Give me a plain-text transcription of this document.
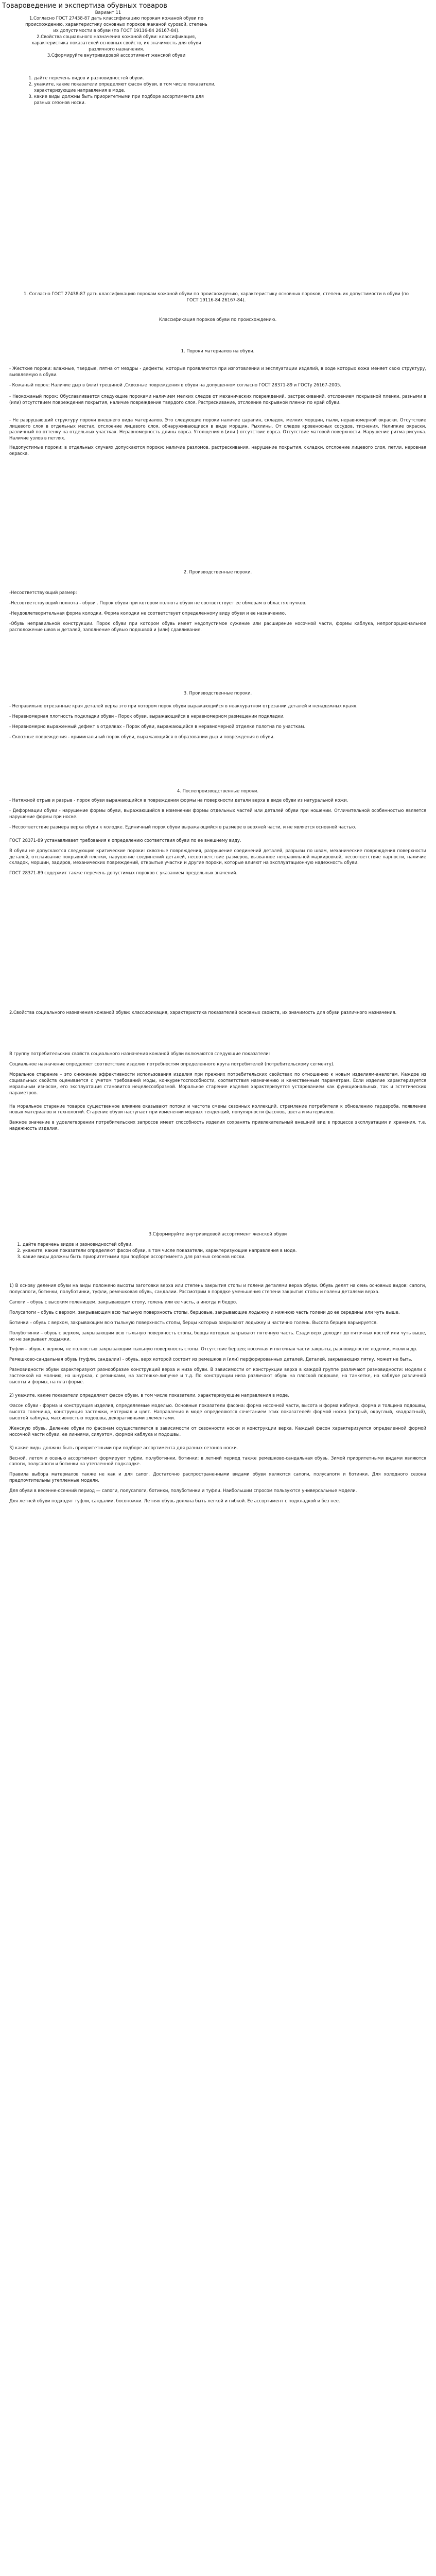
Товароведение и экспертиза обувных товаров
Вариант 11

1.Согласно ГОСТ 27438-87 дать классификацию порокам кожаной обуви по происхождению, характеристику основных пороков жаканой суровой, степень их допустимости в обуви (по ГОСТ 19116-84 26167-84).

2.Свойства социального назначения кожаной обуви: классификация, характеристика показателей основных свойств, их значимость для обуви различного назначения.

3.Сформируйте внутривидовой ассортимент женской обуви

1. дайте перечень видов и разновидностей обуви.
2. укажите, какие показатели определяют фасон обуви, в том числе показатели, характеризующие направления в моде.
3. какие виды должны быть приоритетными при подборе ассортимента для разных сезонов носки.

1. Согласно ГОСТ 27438-87 дать классификацию порокам кожаной обуви по происхождению, характеристику основных пороков, степень их допустимости в обуви (по ГОСТ 19116-84 26167-84).

Классификация пороков обуви по происхождению.

1. Пороки материалов на обуви.

- Жесткие пороки: влажные, твердые, пятна от мездры - дефекты, которые проявляются при изготовлении и эксплуатации изделий, в ходе которых кожа меняет свою структуру, выявляемую в обуви.

- Кожаный порок: Наличие дыр в (или) трещиной ,Сквозные повреждения в обуви на допущенном согласно ГОСТ 28371-89 и ГОСТу 26167-2005.

- Неокожаный порок: Обуславливается следующие пороками наличием мелких следов от механических повреждений, растрескиваний, отслоением покрывной пленки, разными в (или) отсутствием повреждения покрытия, наличие повреждение твердого слоя. Растрескивание, отслоение покрывной пленки по край обуви.

- Не разрушающий структуру пороки внешнего вида материалов. Это следующие пороки наличие царапин, складок, мелких морщин, пыли, неравномерной окраски. Отсутствие лицевого слоя в отдельных местах, отслоение лицевого слоя, обнаруживающиеся в виде морщин. Рыхлины. От следов кровеносных сосудов, тиснения, Нелипкие окраски, различный по оттенку на отдельных участках. Неравномерность длины ворса. Утолщения в (или ) отсутствие ворса. Отсутствие матовой поверхности. Нарушение ритма рисунка. Наличие узлов в петлях.

Недопустимые пороки: в отдельных случаях допускаются пороки: наличие разломов, растрескивания, нарушение покрытия, складки, отслоение лицевого слоя, петли, неровная окраска.

2. Производственные пороки.

-Несоответствующий размер:

-Несоответствующий полнота - обуви . Порок обуви при котором полнота обуви не соответствует ее обмерам в областях пучков.

-Неудовлетворительная форма колодки. Форма колодки не соответствует определенному виду обуви и ее назначению.

-Обувь неправильной конструкции. Порок обуви при котором обувь имеет недопустимое сужение или расширение носочной части, формы каблука, непропорциональное расположение швов и деталей, заполнение обувью подошвой и (или) сдавливание.

3. Производственные пороки.

- Неправильно отрезанные края деталей верха это при котором порок обуви выражающийся в неаккуратном отрезании деталей и ненадежных краях.

- Неравномерная плотность подкладки обуви - Порок обуви, выражающийся в неравномерном размещении подкладки.

- Неравномерно выраженный дефект в отделках - Порок обуви, выражающийся в неравномерной отделке полотна по участкам.

- Сквозные повреждения - криминальный порок обуви, выражающийся в образовании дыр и повреждения в обуви.

4. Послепроизводственные пороки.

- Натяжной отрыв и разрыв - порок обуви выражающийся в повреждении формы на поверхности детали верха в виде обуви из натуральной кожи.

- Деформации обуви - нарушение формы обуви, выражающийся в изменении формы отдельных частей или деталей обуви при ношении. Отличительной особенностью является нарушение формы при носке.

- Несоответствие размера верха обуви к колодке. Единичный порок обуви выражающийся в размере в верхней части, и не является основной частью.

ГОСТ 28371-89 устанавливает требования к определению соответствия обуви по ее внешнему виду.

В обуви не допускаются следующие критические пороки: сквозные повреждения, разрушение соединений деталей, разрывы по швам, механические повреждения поверхности деталей, отслаивание покрывной пленки, нарушение соединений деталей, несоответствие размеров, вызванное неправильной маркировкой, несоответствие парности, наличие складок, морщин, задиров, механических повреждений, открытые участки и другие пороки, которые влияют на эксплуатационную надежность обуви.

ГОСТ 28371-89 содержит также перечень допустимых пороков с указанием предельных значений.

2.Свойства социального назначения кожаной обуви: классификация, характеристика показателей основных свойств, их значимость для обуви различного назначения.

В группу потребительских свойств социального назначения кожаной обуви включаются следующие показатели:

Социальное назначение определяет соответствие изделия потребностям определенного круга потребителей (потребительскому сегменту).

Моральное старение – это снижение эффективности использования изделия при прежних потребительских свойствах по отношению к новым изделиям-аналогам. Каждое из социальных свойств оценивается с учетом требований моды, конкурентоспособности, соответствия назначению и качественным параметрам. Если изделие характеризуется моральным износом, его эксплуатация становится нецелесообразной. Моральное старение изделия характеризуется устареванием как функциональных, так и эстетических параметров.

На моральное старение товаров существенное влияние оказывают потоки и частота смены сезонных коллекций, стремление потребителя к обновлению гардероба, появление новых материалов и технологий. Старение обуви наступает при изменении модных тенденций, популярности фасонов, цвета и материалов.

Важное значение в удовлетворении потребительских запросов имеет способность изделия сохранять привлекательный внешний вид в процессе эксплуатации и хранения, т.е. надежность изделия.

3.Сформируйте внутривидовой ассортимент женской обуви

1. дайте перечень видов и разновидностей обуви.
2. укажите, какие показатели определяют фасон обуви, в том числе показатели, характеризующие направления в моде.
3. какие виды должны быть приоритетными при подборе ассортимента для разных сезонов носки.

1) В основу деления обуви на виды положено высоты заготовки верха или степень закрытия стопы и голени деталями верха обуви. Обувь делят на семь основных видов: сапоги, полусапоги, ботинки, полуботинки, туфли, ремешковая обувь, сандалии. Рассмотрим в порядке уменьшения степени закрытия стопы и голени деталями верха.

Сапоги – обувь с высоким голенищем, закрывающим стопу, голень или ее часть, а иногда и бедро.

Полусапоги – обувь с верхом, закрывающим всю тыльную поверхность стопы, берцовые, закрывающие лодыжку и нижнюю часть голени до ее середины или чуть выше.

Ботинки – обувь с верхом, закрывающим всю тыльную поверхность стопы, берцы которых закрывают лодыжку и частично голень. Высота берцев варьируется.

Полуботинки – обувь с верхом, закрывающим всю тыльную поверхность стопы, берцы которых закрывают пяточную часть. Сзади верх доходит до пяточных костей или чуть выше, но не закрывает лодыжки.

Туфли – обувь с верхом, не полностью закрывающим тыльную поверхность стопы. Отсутствие берцев; носочная и пяточная части закрыты, разновидности: лодочки, мюли и др.

Ремешково-сандальная обувь (туфли, сандалии) - обувь, верх которой состоит из ремешков и (или) перфорированных деталей. Деталей, закрывающих пятку, может не быть.

Разновидности обуви характеризуют разнообразие конструкций верха и низа обуви. В зависимости от конструкции верха в каждой группе различают разновидности: модели с застежкой на молнию, на шнурках, с резинками, на застежке-липучке и т.д. По конструкции низа различают обувь на плоской подошве, на танкетке, на каблуке различной высоты и формы, на платформе.

2) укажите, какие показатели определяют фасон обуви, в том числе показатели, характеризующие направления в моде.

Фасон обуви - форма и конструкция изделия, определяемые моделью. Основные показатели фасона: форма носочной части, высота и форма каблука, форма и толщина подошвы, высота голенища, конструкция застежки, материал и цвет. Направления в моде определяются сочетанием этих показателей: формой носка (острый, округлый, квадратный), высотой каблука, массивностью подошвы, декоративными элементами.

Женскую обувь, Деление обуви по фасонам осуществляется в зависимости от сезонности носки и конструкции верха. Каждый фасон характеризуется определенной формой носочной части обуви, ее линиями, силуэтом, формой каблука и подошвы.

3) какие виды должны быть приоритетными при подборе ассортимента для разных сезонов носки.

Весной, летом и осенью ассортимент формируют туфли, полуботинки, ботинки; в летний период также ремешково-сандальная обувь. Зимой приоритетными видами являются сапоги, полусапоги и ботинки на утепленной подкладке.

Правила выбора материалов также не как и для сапог. Достаточно распространенными видами обуви являются сапоги, полусапоги и ботинки. Для холодного сезона предпочтительны утепленные модели.

Для обуви в весенне-осенний период — сапоги, полусапоги, ботинки, полуботинки и туфли. Наибольшим спросом пользуются универсальные модели.

Для летней обуви подходят туфли, сандалии, босоножки. Летняя обувь должна быть легкой и гибкой. Ее ассортимент с подкладкой и без нее.
